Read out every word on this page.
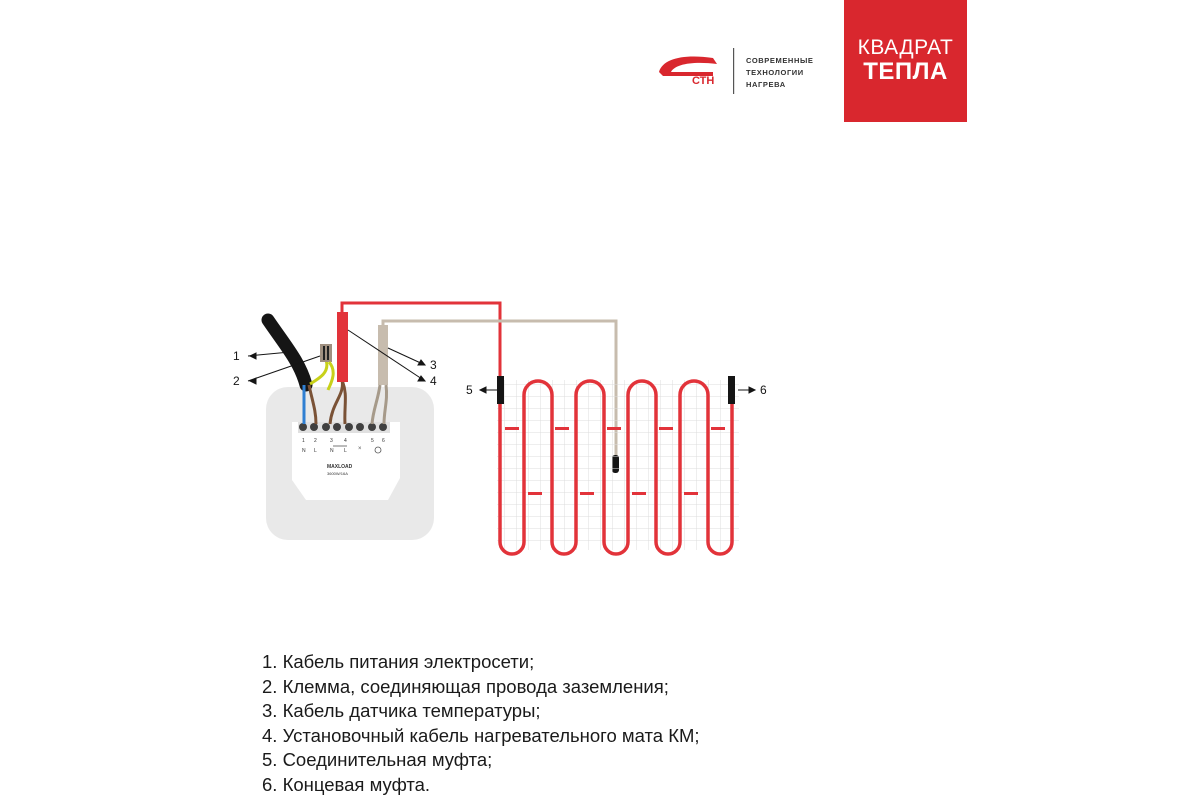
СТН
СОВРЕМЕННЫЕ
ТЕХНОЛОГИИ
НАГРЕВА
КВАДРАТ
ТЕПЛА
1 2	3 4	5 6
N L	N L
MAXLOAD
3600W/16A
×
1
2
3
4
5	6
1. Кабель питания электросети;
2. Клемма, соединяющая провода заземления;
3. Кабель датчика температуры;
4. Установочный кабель нагревательного мата КМ;
5. Соединительная муфта;
6. Концевая муфта.
